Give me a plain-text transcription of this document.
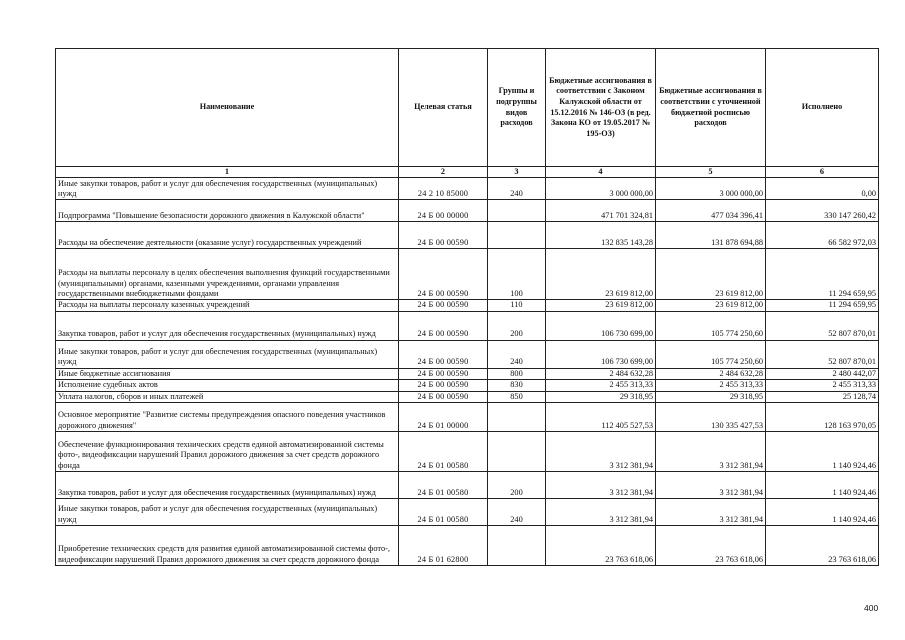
Наименование	Целевая статья	Группы и подгруппы видов расходов	Бюджетные ассигнования в соответствии с Законом Калужской области от 15.12.2016 № 146-ОЗ (в ред. Закона КО от 19.05.2017 № 195-ОЗ)	Бюджетные ассигнования в соответствии с уточненной бюджетной росписью расходов	Исполнено
1	2	3	4	5	6
Иные закупки товаров, работ и услуг для обеспечения государственных (муниципальных) нужд	24 2 10 85000	240	3 000 000,00	3 000 000,00	0,00
Подпрограмма "Повышение безопасности дорожного движения в Калужской области"	24 Б 00 00000		471 701 324,81	477 034 396,41	330 147 260,42
Расходы на обеспечение деятельности (оказание услуг) государственных учреждений	24 Б 00 00590		132 835 143,28	131 878 694,88	66 582 972,03
Расходы на выплаты персоналу в целях обеспечения выполнения функций государственными (муниципальными) органами, казенными учреждениями, органами управления государственными внебюджетными фондами	24 Б 00 00590	100	23 619 812,00	23 619 812,00	11 294 659,95
Расходы на выплаты персоналу казенных учреждений	24 Б 00 00590	110	23 619 812,00	23 619 812,00	11 294 659,95
Закупка товаров, работ и услуг для обеспечения государственных (муниципальных) нужд	24 Б 00 00590	200	106 730 699,00	105 774 250,60	52 807 870,01
Иные закупки товаров, работ и услуг для обеспечения государственных (муниципальных) нужд	24 Б 00 00590	240	106 730 699,00	105 774 250,60	52 807 870,01
Иные бюджетные ассигнования	24 Б 00 00590	800	2 484 632,28	2 484 632,28	2 480 442,07
Исполнение судебных актов	24 Б 00 00590	830	2 455 313,33	2 455 313,33	2 455 313,33
Уплата налогов, сборов и иных платежей	24 Б 00 00590	850	29 318,95	29 318,95	25 128,74
Основное мероприятие "Развитие системы предупреждения опасного поведения участников дорожного движения"	24 Б 01 00000		112 405 527,53	130 335 427,53	128 163 970,05
Обеспечение функционирования технических средств единой автоматизированной системы фото-, видеофиксации нарушений Правил дорожного движения за счет средств дорожного фонда	24 Б 01 00580		3 312 381,94	3 312 381,94	1 140 924,46
Закупка товаров, работ и услуг для обеспечения государственных (муниципальных) нужд	24 Б 01 00580	200	3 312 381,94	3 312 381,94	1 140 924,46
Иные закупки товаров, работ и услуг для обеспечения государственных (муниципальных) нужд	24 Б 01 00580	240	3 312 381,94	3 312 381,94	1 140 924,46
Приобретение технических средств для развития единой автоматизированной системы фото-, видеофиксации нарушений Правил дорожного движения за счет средств дорожного фонда	24 Б 01 62800		23 763 618,06	23 763 618,06	23 763 618,06
400
